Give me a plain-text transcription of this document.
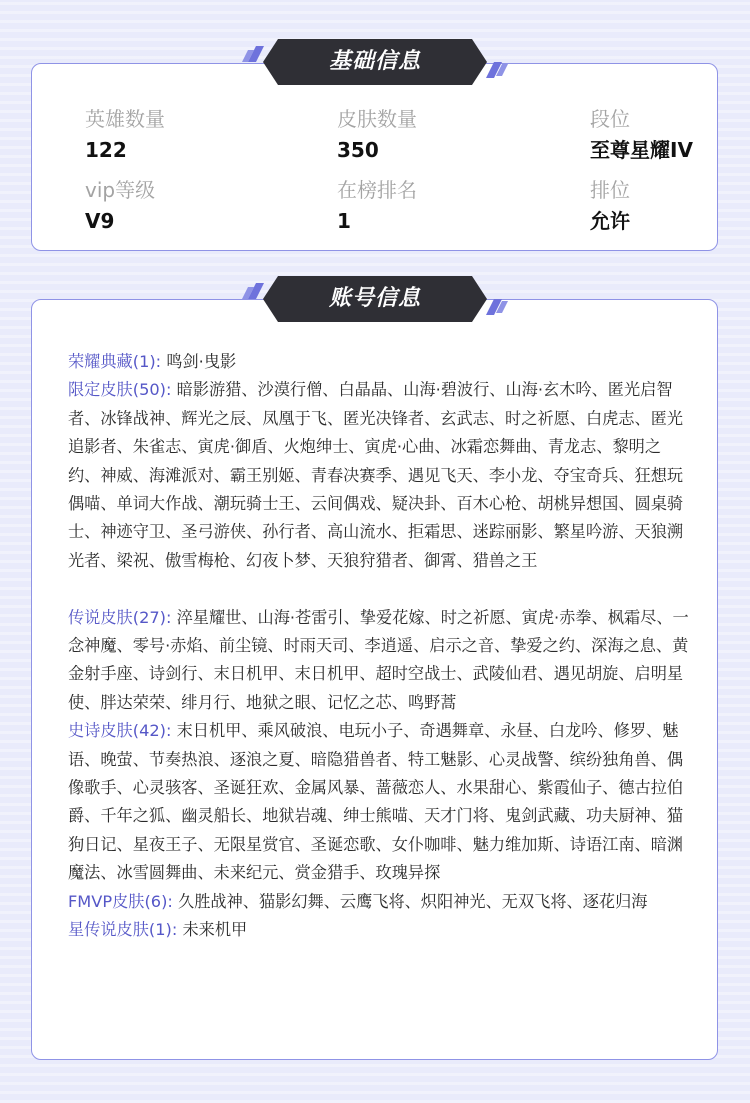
英雄数量
122
皮肤数量
350
段位
至尊星耀IV
vip等级
V9
在榜排名
1
排位
允许
基础信息
荣耀典藏(1): 鸣剑·曳影
限定皮肤(50): 暗影游猎、沙漠行僧、白晶晶、山海·碧波行、山海·玄木吟、匿光启智者、冰锋战神、辉光之辰、凤凰于飞、匿光决锋者、玄武志、时之祈愿、白虎志、匿光追影者、朱雀志、寅虎·御盾、火炮绅士、寅虎·心曲、冰霜恋舞曲、青龙志、黎明之约、神威、海滩派对、霸王别姬、青春决赛季、遇见飞天、李小龙、夺宝奇兵、狂想玩偶喵、单词大作战、潮玩骑士王、云间偶戏、疑决卦、百木心枪、胡桃异想国、圆桌骑士、神迹守卫、圣弓游侠、孙行者、高山流水、拒霜思、迷踪丽影、繁星吟游、天狼溯光者、梁祝、傲雪梅枪、幻夜卜梦、天狼狩猎者、御霄、猎兽之王
传说皮肤(27): 淬星耀世、山海·苍雷引、挚爱花嫁、时之祈愿、寅虎·赤拳、枫霜尽、一念神魔、零号·赤焰、前尘镜、时雨天司、李逍遥、启示之音、挚爱之约、深海之息、黄金射手座、诗剑行、末日机甲、末日机甲、超时空战士、武陵仙君、遇见胡旋、启明星使、胖达荣荣、绯月行、地狱之眼、记忆之芯、鸣野蒿
史诗皮肤(42): 末日机甲、乘风破浪、电玩小子、奇遇舞章、永昼、白龙吟、修罗、魅语、晚萤、节奏热浪、逐浪之夏、暗隐猎兽者、特工魅影、心灵战警、缤纷独角兽、偶像歌手、心灵骇客、圣诞狂欢、金属风暴、蔷薇恋人、水果甜心、紫霞仙子、德古拉伯爵、千年之狐、幽灵船长、地狱岩魂、绅士熊喵、天才门将、鬼剑武藏、功夫厨神、猫狗日记、星夜王子、无限星赏官、圣诞恋歌、女仆咖啡、魅力维加斯、诗语江南、暗渊魔法、冰雪圆舞曲、未来纪元、赏金猎手、玫瑰异探
FMVP皮肤(6): 久胜战神、猫影幻舞、云鹰飞将、炽阳神光、无双飞将、逐花归海
星传说皮肤(1): 未来机甲
账号信息
